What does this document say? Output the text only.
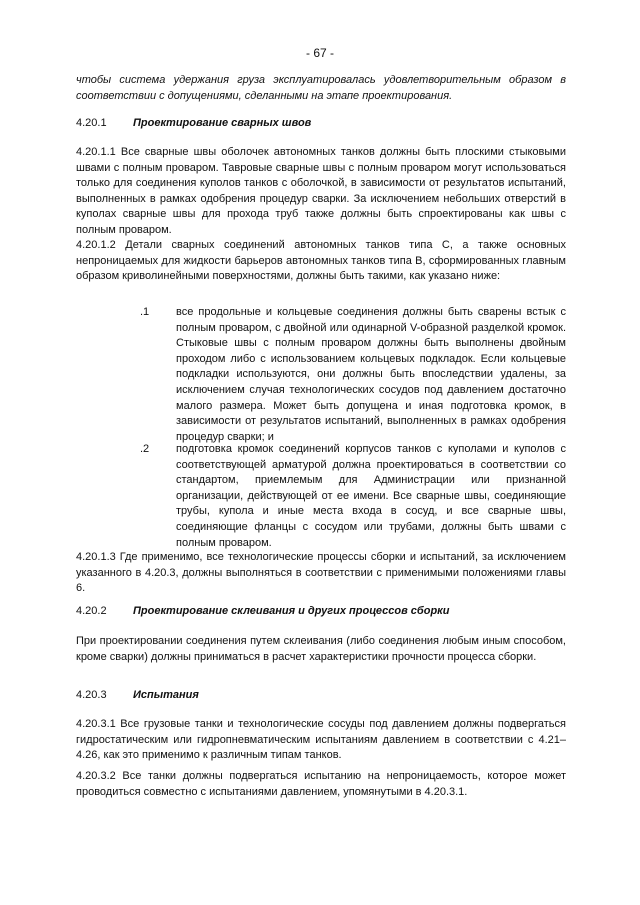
- 67 -

чтобы система удержания груза эксплуатировалась удовлетворительным образом в соответствии с допущениями, сделанными на этапе проектирования.

4.20.1 Проектирование сварных швов

4.20.1.1 Все сварные швы оболочек автономных танков должны быть плоскими стыковыми швами с полным проваром. Тавровые сварные швы с полным проваром могут использоваться только для соединения куполов танков с оболочкой, в зависимости от результатов испытаний, выполненных в рамках одобрения процедур сварки. За исключением небольших отверстий в куполах сварные швы для прохода труб также должны быть спроектированы как швы с полным проваром.

4.20.1.2 Детали сварных соединений автономных танков типа C, а также основных непроницаемых для жидкости барьеров автономных танков типа B, сформированных главным образом криволинейными поверхностями, должны быть такими, как указано ниже:

.1 все продольные и кольцевые соединения должны быть сварены встык с полным проваром, с двойной или одинарной V-образной разделкой кромок. Стыковые швы с полным проваром должны быть выполнены двойным проходом либо с использованием кольцевых подкладок. Если кольцевые подкладки используются, они должны быть впоследствии удалены, за исключением случая технологических сосудов под давлением достаточно малого размера. Может быть допущена и иная подготовка кромок, в зависимости от результатов испытаний, выполненных в рамках одобрения процедур сварки; и
.2 подготовка кромок соединений корпусов танков с куполами и куполов с соответствующей арматурой должна проектироваться в соответствии со стандартом, приемлемым для Администрации или признанной организации, действующей от ее имени. Все сварные швы, соединяющие трубы, купола и иные места входа в сосуд, и все сварные швы, соединяющие фланцы с сосудом или трубами, должны быть швами с полным проваром.

4.20.1.3 Где применимо, все технологические процессы сборки и испытаний, за исключением указанного в 4.20.3, должны выполняться в соответствии с применимыми положениями главы 6.

4.20.2 Проектирование склеивания и других процессов сборки

При проектировании соединения путем склеивания (либо соединения любым иным способом, кроме сварки) должны приниматься в расчет характеристики прочности процесса сборки.

4.20.3 Испытания

4.20.3.1 Все грузовые танки и технологические сосуды под давлением должны подвергаться гидростатическим или гидропневматическим испытаниям давлением в соответствии с 4.21–4.26, как это применимо к различным типам танков.

4.20.3.2 Все танки должны подвергаться испытанию на непроницаемость, которое может проводиться совместно с испытаниями давлением, упомянутыми в 4.20.3.1.
